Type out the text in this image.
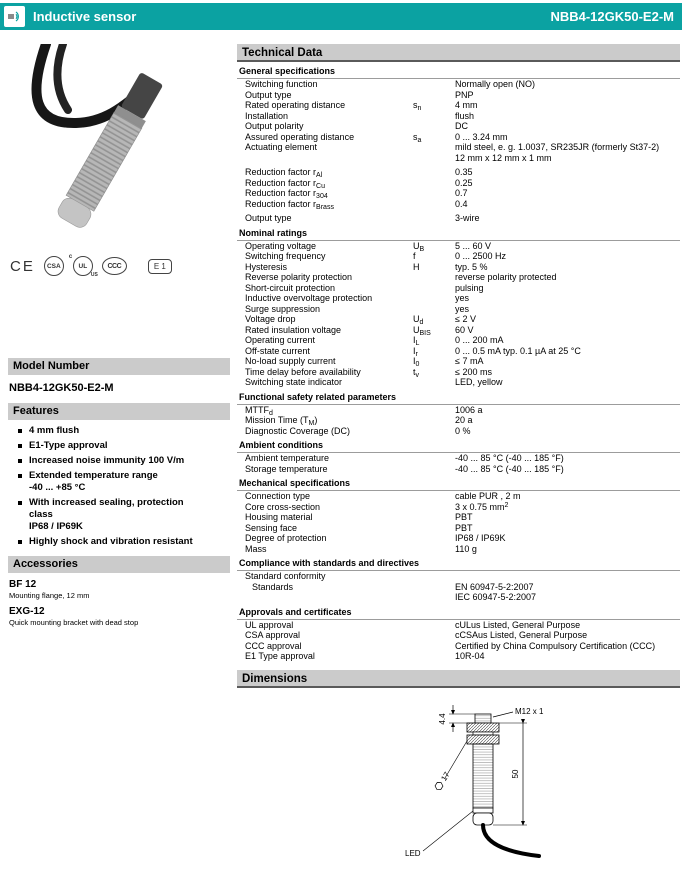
Inductive sensor	NBB4-12GK50-E2-M
CE	CSA
c
UL
US
CCC	E 1
Model Number
NBB4-12GK50-E2-M
Features
4 mm flush
E1-Type approval
Increased noise immunity 100 V/m
Extended temperature range
-40 ... +85 °C
With increased sealing, protection
class
IP68 / IP69K
Highly shock and vibration resistant
Accessories
BF 12
Mounting flange, 12 mm
EXG-12
Quick mounting bracket with dead stop
Technical Data
General specifications
Switching function	Normally open (NO)
Output type	PNP
Rated operating distance	$s_n$	4 mm
Installation	flush
Output polarity	DC
Assured operating distance	$s_a$	0 ... 3.24 mm
Actuating element	mild steel, e. g. 1.0037, SR235JR (formerly St37-2)
12 mm x 12 mm x 1 mm
Reduction factor $r_{Al}$	0.35
Reduction factor $r_{Cu}$	0.25
Reduction factor $r_{304}$	0.7
Reduction factor $r_{Brass}$	0.4
Output type	3-wire
Nominal ratings
Operating voltage	$U_B$	5 ... 60 V
Switching frequency	f	0 ... 2500 Hz
Hysteresis	H	typ. 5 %
Reverse polarity protection	reverse polarity protected
Short-circuit protection	pulsing
Inductive overvoltage protection	yes
Surge suppression	yes
Voltage drop	$U_d$	≤ 2 V
Rated insulation voltage	$U_{BIS}$	60 V
Operating current	$I_L$	0 ... 200 mA
Off-state current	$I_r$	0 ... 0.5 mA typ. 0.1 µA at 25 °C
No-load supply current	$I_0$	≤ 7 mA
Time delay before availability	$t_v$	≤ 200 ms
Switching state indicator	LED, yellow
Functional safety related parameters
$MTTF_d$	1006 a
Mission Time $(T_M)$	20 a
Diagnostic Coverage (DC)	0 %
Ambient conditions
Ambient temperature	-40 ... 85 °C (-40 ... 185 °F)
Storage temperature	-40 ... 85 °C (-40 ... 185 °F)
Mechanical specifications
Connection type	cable PUR , 2 m
Core cross-section	3 x 0.75 $mm^2$
Housing material	PBT
Sensing face	PBT
Degree of protection	IP68 / IP69K
Mass	110 g
Compliance with standards and directives
Standard conformity
Standards	EN 60947-5-2:2007
IEC 60947-5-2:2007
Approvals and certificates
UL approval	cULus Listed, General Purpose
CSA approval	cCSAus Listed, General Purpose
CCC approval	Certified by China Compulsory Certification (CCC)
E1 Type approval	10R-04
Dimensions
M12 x 1
4.4
50
17
LED
